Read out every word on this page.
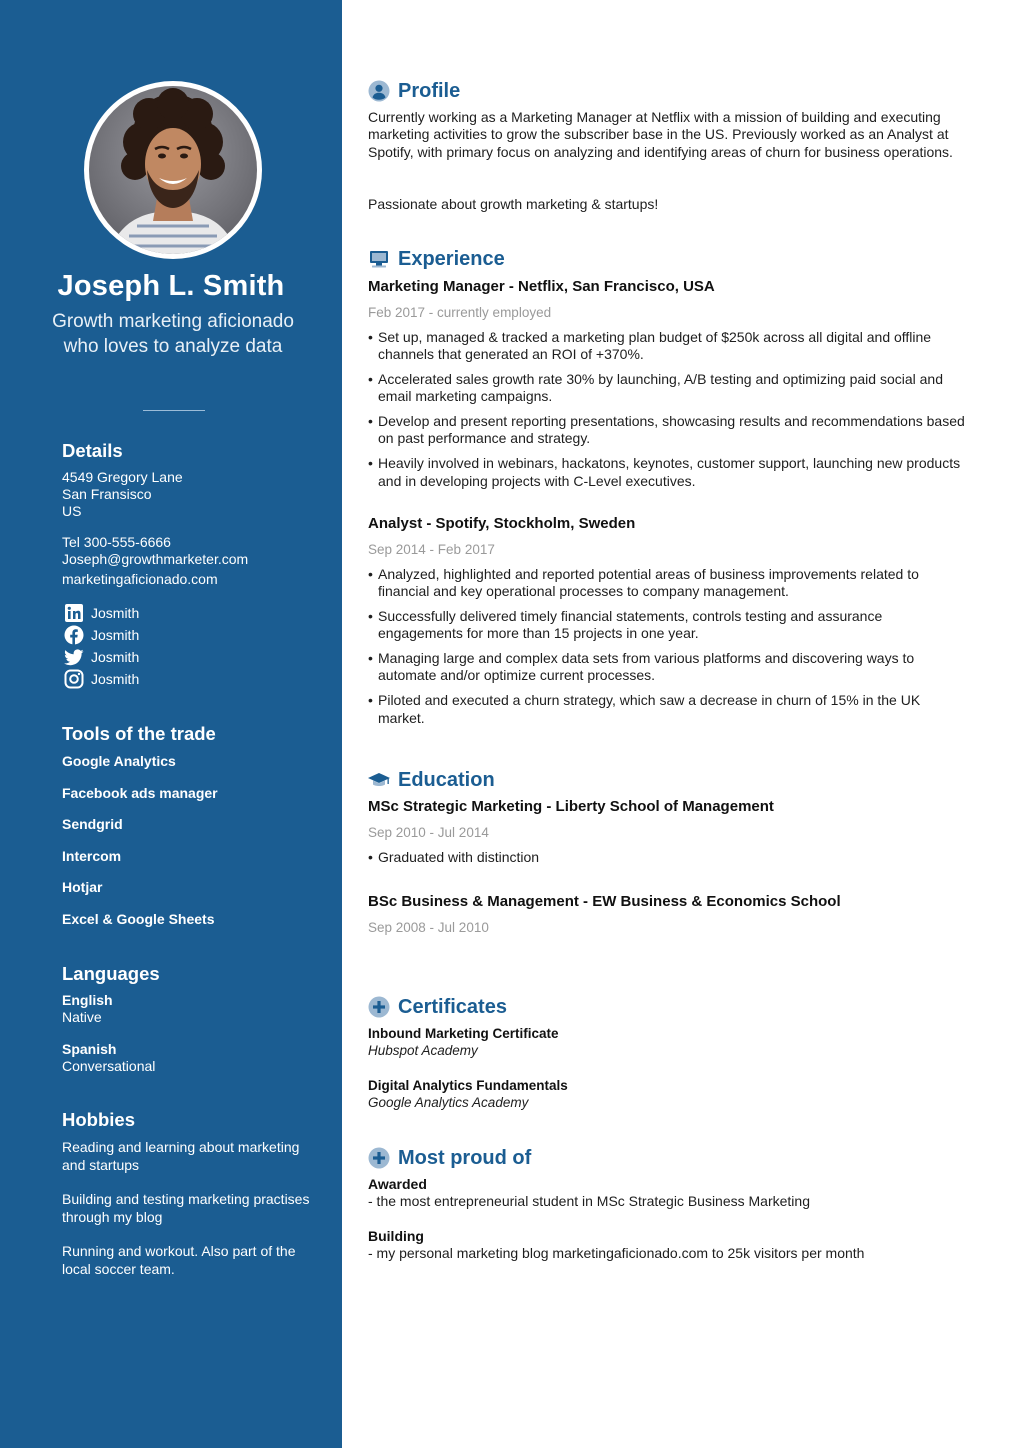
Joseph L. Smith
Growth marketing aficionado who loves to analyze data
Details
4549 Gregory Lane
San Fransisco
US
Tel 300-555-6666
Joseph@growthmarketer.com
marketingaficionado.com
Josmith
Josmith
Josmith
Josmith
Tools of the trade
Google Analytics
Facebook ads manager
Sendgrid
Intercom
Hotjar
Excel & Google Sheets
Languages
English
Native
Spanish
Conversational
Hobbies
Reading and learning about marketing and startups
Building and testing marketing practises through my blog
Running and workout. Also part of the local soccer team.
Profile
Currently working as a Marketing Manager at Netflix with a mission of building and executing marketing activities to grow the subscriber base in the US. Previously worked as an Analyst at Spotify, with primary focus on analyzing and identifying areas of churn for business operations.
Passionate about growth marketing & startups!
Experience
Marketing Manager - Netflix, San Francisco, USA
Feb 2017 - currently employed
• Set up, managed & tracked a marketing plan budget of $250k across all digital and offline channels that generated an ROI of +370%.
• Accelerated sales growth rate 30% by launching, A/B testing and optimizing paid social and email marketing campaigns.
• Develop and present reporting presentations, showcasing results and recommendations based on past performance and strategy.
• Heavily involved in webinars, hackatons, keynotes, customer support, launching new products and in developing projects with C-Level executives.
Analyst - Spotify, Stockholm, Sweden
Sep 2014 - Feb 2017
• Analyzed, highlighted and reported potential areas of business improvements related to financial and key operational processes to company management.
• Successfully delivered timely financial statements, controls testing and assurance engagements for more than 15 projects in one year.
• Managing large and complex data sets from various platforms and discovering ways to automate and/or optimize current processes.
• Piloted and executed a churn strategy, which saw a decrease in churn of 15% in the UK market.
Education
MSc Strategic Marketing - Liberty School of Management
Sep 2010 - Jul 2014
• Graduated with distinction
BSc Business & Management - EW Business & Economics School
Sep 2008 - Jul 2010
Certificates
Inbound Marketing Certificate
Hubspot Academy
Digital Analytics Fundamentals
Google Analytics Academy
Most proud of
Awarded
- the most entrepreneurial student in MSc Strategic Business Marketing
Building
- my personal marketing blog marketingaficionado.com to 25k visitors per month
